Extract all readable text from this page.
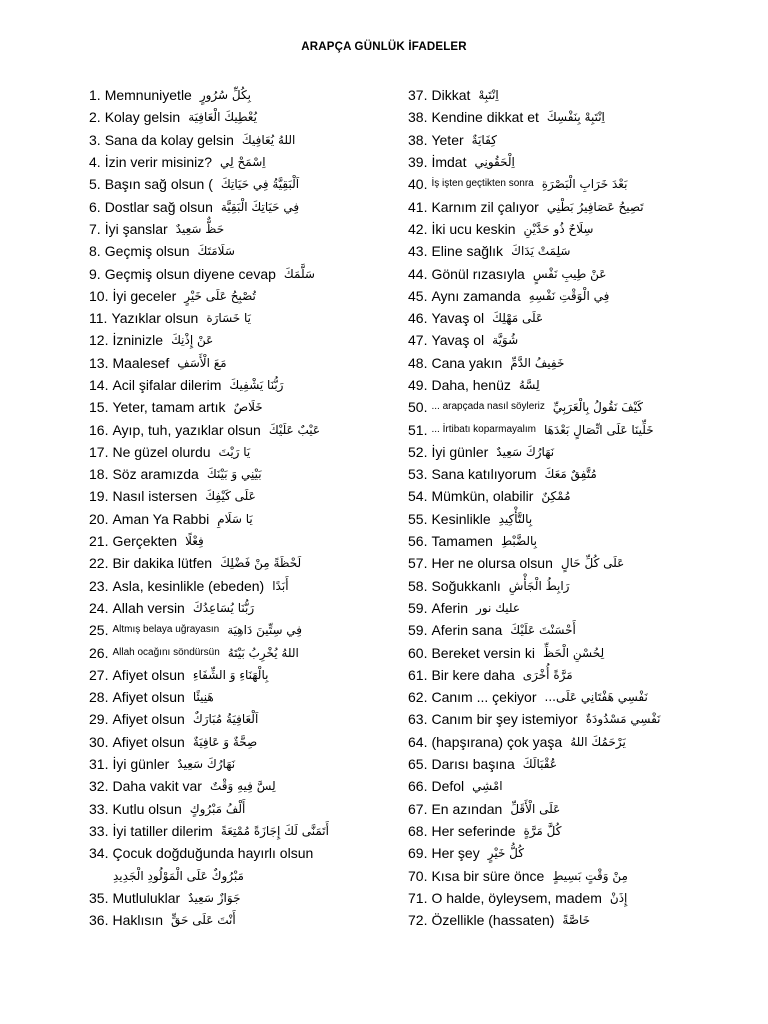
ARAPÇA GÜNLÜK İFADELER
1. Memnuniyetle بِكُلِّ سُرُورٍ
2. Kolay gelsin يُعْطِيكَ الْعَافِيَة
3. Sana da kolay gelsin اللهُ يُعَافِيكَ
4. İzin verir misiniz? اِسْمَحْ لِي
5. Başın sağ olsun ( اَلْبَقِيَّةُ فِي حَيَاتِكَ
6. Dostlar sağ olsun فِي حَيَاتِكَ الْبَقِيَّة
7. İyi şanslar حَظٌّ سَعِيدٌ
8. Geçmiş olsun سَلَامَتَكَ
9. Geçmiş olsun diyene cevap سَلَّمَكَ
10. İyi geceler تُصْبِحُ عَلَى خَيْرٍ
11. Yazıklar olsun يَا خَسَارَة
12. İzninizle عَنْ إِذْنِكَ
13. Maalesef مَعَ الْأَسَفِ
14. Acil şifalar dilerim رَبُّنَا يَشْفِيكَ
15. Yeter, tamam artık خَلَاصٌ
16. Ayıp, tuh, yazıklar olsun عَيْبٌ عَلَيْكَ
17. Ne güzel olurdu يَا رَيْتَ
18. Söz aramızda بَيْنِي وَ بَيْنَكَ
19. Nasıl istersen عَلَى كَيْفِكَ
20. Aman Ya Rabbi يَا سَلَامِ
21. Gerçekten فِعْلًا
22. Bir dakika lütfen لَحْظَةً مِنْ فَضْلِكَ
23. Asla, kesinlikle (ebeden) أَبَدًا
24. Allah versin رَبُّنَا يُسَاعِدُكَ
25. Altmış belaya uğrayasın فِي سِتِّينَ دَاهِيَة
26. Allah ocağını söndürsün اللهُ يُخْرِبُ بَيْتَهُ
27. Afiyet olsun بِالْهَنَاءِ وَ الشِّفَاءِ
28. Afiyet olsun هَنِيئًا
29. Afiyet olsun اَلْعَافِيَةُ مُبَارَكٌ
30. Afiyet olsun صِحَّةٌ وَ عَافِيَةٌ
31. İyi günler نَهَارُكَ سَعِيدٌ
32. Daha vakit var لِسَّ فِيهِ وَقْتٌ
33. Kutlu olsun أَلْفُ مَبْرُوكٍ
33. İyi tatiller dilerim أَتَمَنَّى لَكَ إِجَازَةً مُمْتِعَةً
34. Çocuk doğduğunda hayırlı olsun
مَبْرُوكٌ عَلَى الْمَوْلُودِ الْجَدِيدِ
35. Mutluluklar جَوَازٌ سَعِيدٌ
36. Haklısın أَنْتَ عَلَى حَقٍّ
37. Dikkat اِنْتَبِهْ
38. Kendine dikkat et اِنْتَبِهْ بِنَفْسِكَ
38. Yeter كِفَايَةٌ
39. İmdat اِلْحَقُونِي
40. İş işten geçtikten sonra بَعْدَ خَرَابِ الْبَصْرَةِ
41. Karnım zil çalıyor تَصِيحُ عَصَافِيرُ بَطْنِي
42. İki ucu keskin سِلَاحٌ ذُو حَدَّيْنِ
43. Eline sağlık سَلِمَتْ يَدَاكَ
44. Gönül rızasıyla عَنْ طِيبِ نَفْسٍ
45. Aynı zamanda فِي الْوَقْتِ نَفْسِهِ
46. Yavaş ol عَلَى مَهْلِكَ
47. Yavaş ol شُوَيَّة
48. Cana yakın خَفِيفُ الدَّمِّ
49. Daha, henüz لِسَّهُ
50. ... arapçada nasıl söyleriz كَيْفَ نَقُولُ بِالْعَرَبِيِّ
51. ... İrtibatı koparmayalım خَلِّينَا عَلَى اتِّصَالٍ بَعْدَهَا
52. İyi günler نَهَارُكَ سَعِيدٌ
53. Sana katılıyorum مُتَّفِقٌ مَعَكَ
54. Mümkün, olabilir مُمْكِنٌ
55. Kesinlikle بِالتَّأْكِيدِ
56. Tamamen بِالضَّبْطِ
57. Her ne olursa olsun عَلَى كُلِّ حَالٍ
58. Soğukkanlı رَابِطُ الْجَأْشِ
59. Aferin عليك نور
59. Aferin sana أَحْسَنْتَ عَلَيْكَ
60. Bereket versin ki لِحُسْنِ الْحَظِّ
61. Bir kere daha مَرَّةً أُخْرَى
62. Canım ... çekiyor نَفْسِي هَفْتَانِي عَلَى...
63. Canım bir şey istemiyor نَفْسِي مَسْدُودَةٌ
64. (hapşırana) çok yaşa يَرْحَمُكَ اللهُ
65. Darısı başına عُقْبَالَكَ
66. Defol امْشِي
67. En azından عَلَى الْأَقَلِّ
68. Her seferinde كُلَّ مَرَّةٍ
69. Her şey كُلُّ خَيْرٍ
70. Kısa bir süre önce مِنْ وَقْتٍ بَسِيطٍ
71. O halde, öyleysem, madem إِذَنْ
72. Özellikle (hassaten) خَاصَّةً
